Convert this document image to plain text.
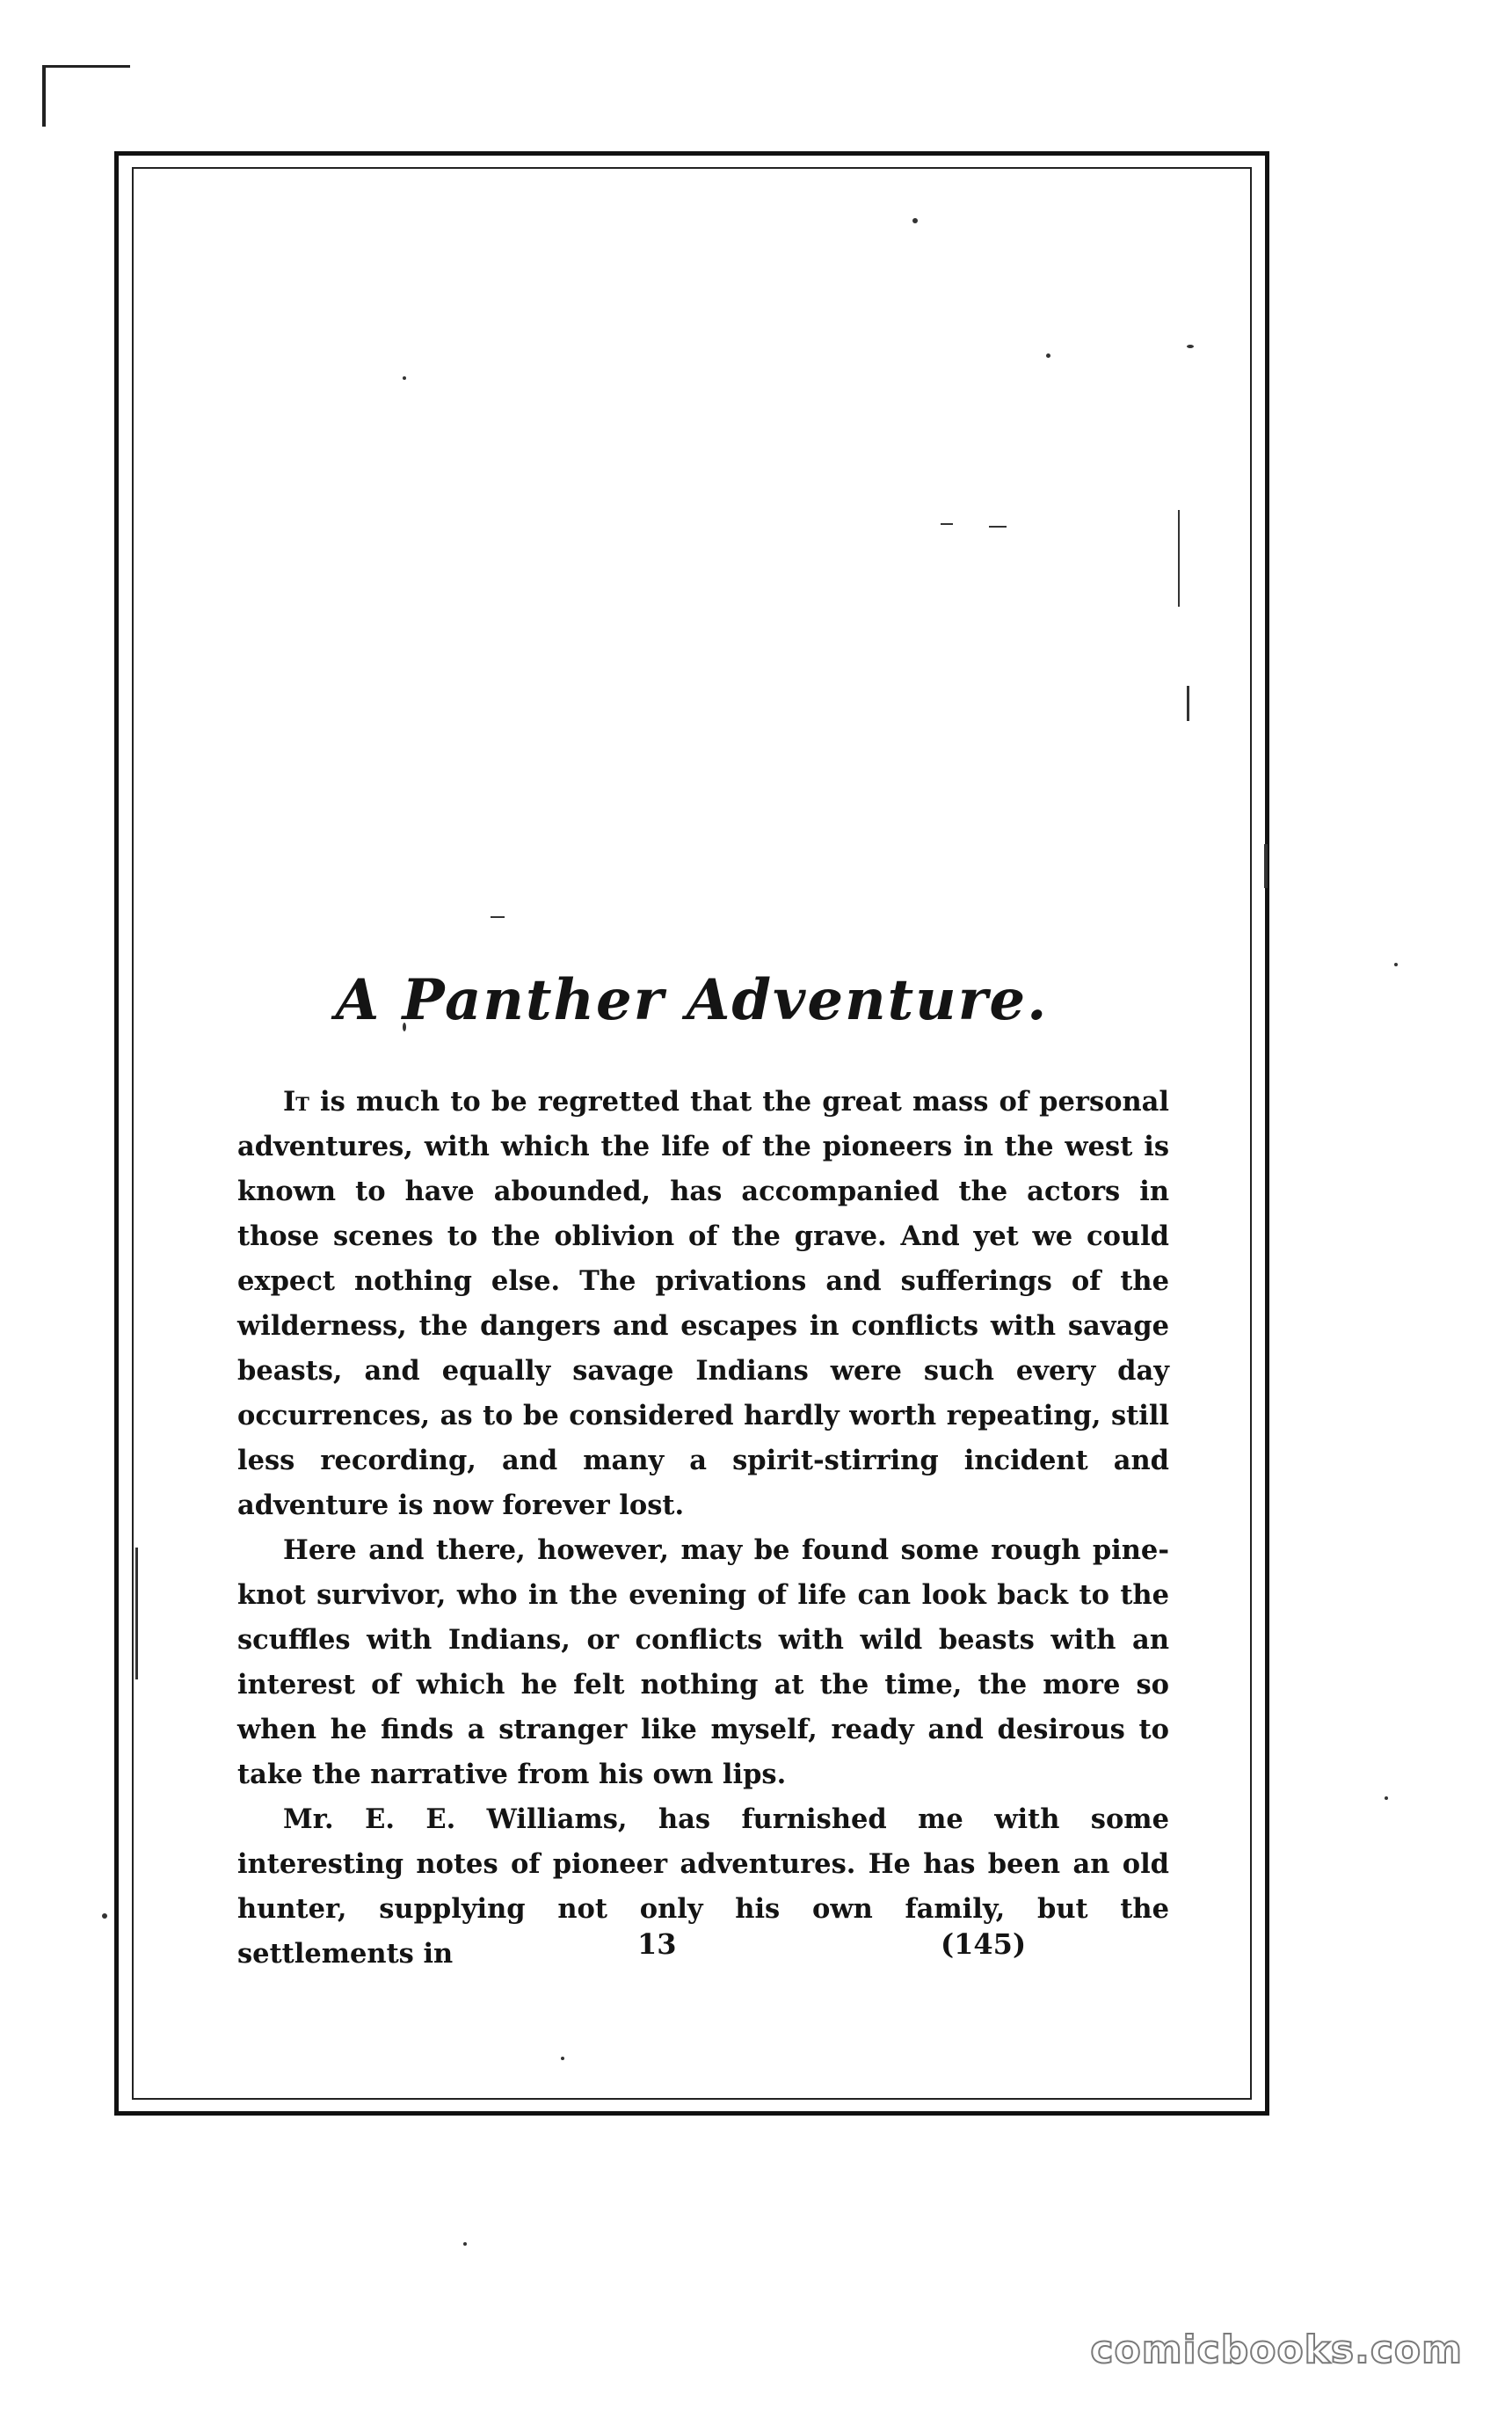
A Panther Adventure.

It is much to be regretted that the great mass of personal adventures, with which the life of the pioneers in the west is known to have abounded, has accompanied the actors in those scenes to the oblivion of the grave. And yet we could expect nothing else. The privations and sufferings of the wilderness, the dangers and escapes in conflicts with savage beasts, and equally savage Indians were such every day occurrences, as to be considered hardly worth repeating, still less recording, and many a spirit-stirring incident and adventure is now forever lost.

Here and there, however, may be found some rough pine-knot survivor, who in the evening of life can look back to the scuffles with Indians, or conflicts with wild beasts with an interest of which he felt nothing at the time, the more so when he finds a stranger like myself, ready and desirous to take the narrative from his own lips.

Mr. E. E. Williams, has furnished me with some interesting notes of pioneer adventures. He has been an old hunter, supplying not only his own family, but the settlements in	13	(145)
comicbooks.com
